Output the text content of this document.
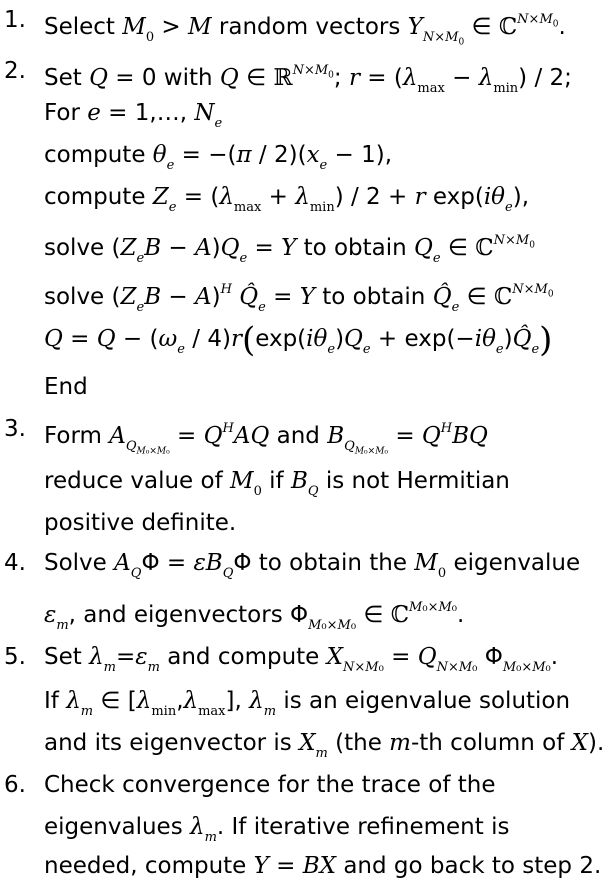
1. Select $M_0 > M$ random vectors $Y_{N\times M_0}$ ∈ ℂ$^{N\times M_0}$.
2. Set Q = 0 with Q ∈ ℝ$^{N\times M_0}$; $r = (\lambda_{max} - \lambda_{min}) / 2$;
For e = 1,…, $N_e$
compute $\theta_e = -(\pi / 2)(x_e - 1)$,
compute $Z_e = (\lambda_{max} + \lambda_{min}) / 2 + r$ $\exp(i\theta_e)$,
solve $(Z_eB - A)Q_e = Y$ to obtain $Q_e$ ∈ ℂ$^{N\times M_0}$
solve $(Z_eB - A)^H$ $Q̂_e = Y$ to obtain $Q̂_e$ ∈ ℂ$^{N\times M_0}$
$Q = Q - (\omega_e / 4)r(\exp(i\theta_e)Q_e$ + $\exp(-i\theta_e)Q̂_e$)
End
3. Form $A_{Q_{M_0\times M_0}} = Q^HAQ$ and $B_{Q_{M_0\times M_0}} = Q^HBQ$
reduce value of $M_0$ if $B_Q$ is not Hermitian
positive definite.
4. Solve $A_Q\Phi = \varepsilon B_Q\Phi$ to obtain the $M_0$ eigenvalue
$\varepsilon_m$, and eigenvectors $\Phi_{M_0\times M_0}$ ∈ ℂ$^{M_0\times M_0}$.
5. Set $\lambda_m=\varepsilon_m$ and compute $X_{N\times M_0} = Q_{N\times M_0}$ $\Phi_{M_0\times M_0}$.
If $\lambda_m$ ∈ $[\lambda_{min},\lambda_{max}]$, $\lambda_m$ is an eigenvalue solution
and its eigenvector is $X_m$ (the m-th column of X).
6. Check convergence for the trace of the
eigenvalues $\lambda_m$. If iterative refinement is
needed, compute Y = BX and go back to step 2.
